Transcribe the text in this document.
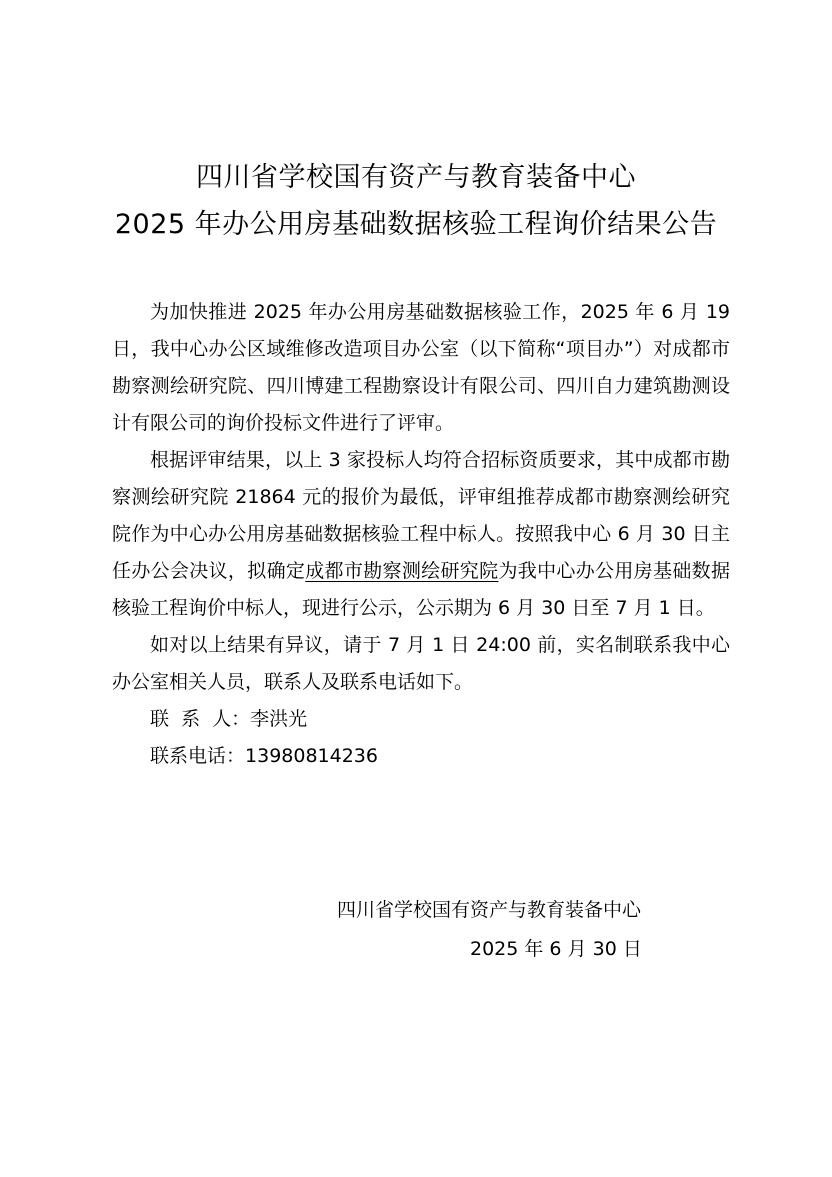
四川省学校国有资产与教育装备中心
2025 年办公用房基础数据核验工程询价结果公告

为加快推进 2025 年办公用房基础数据核验工作，2025 年 6 月 19 日，我中心办公区域维修改造项目办公室（以下简称“项目办”）对成都市勘察测绘研究院、四川博建工程勘察设计有限公司、四川自力建筑勘测设计有限公司的询价投标文件进行了评审。

根据评审结果，以上 3 家投标人均符合招标资质要求，其中成都市勘察测绘研究院 21864 元的报价为最低，评审组推荐成都市勘察测绘研究院作为中心办公用房基础数据核验工程中标人。按照我中心 6 月 30 日主任办公会决议，拟确定成都市勘察测绘研究院为我中心办公用房基础数据核验工程询价中标人，现进行公示，公示期为 6 月 30 日至 7 月 1 日。

如对以上结果有异议，请于 7 月 1 日 24:00 前，实名制联系我中心办公室相关人员，联系人及联系电话如下。

联  系  人：李洪光
联系电话：13980814236
四川省学校国有资产与教育装备中心
2025 年 6 月 30 日
